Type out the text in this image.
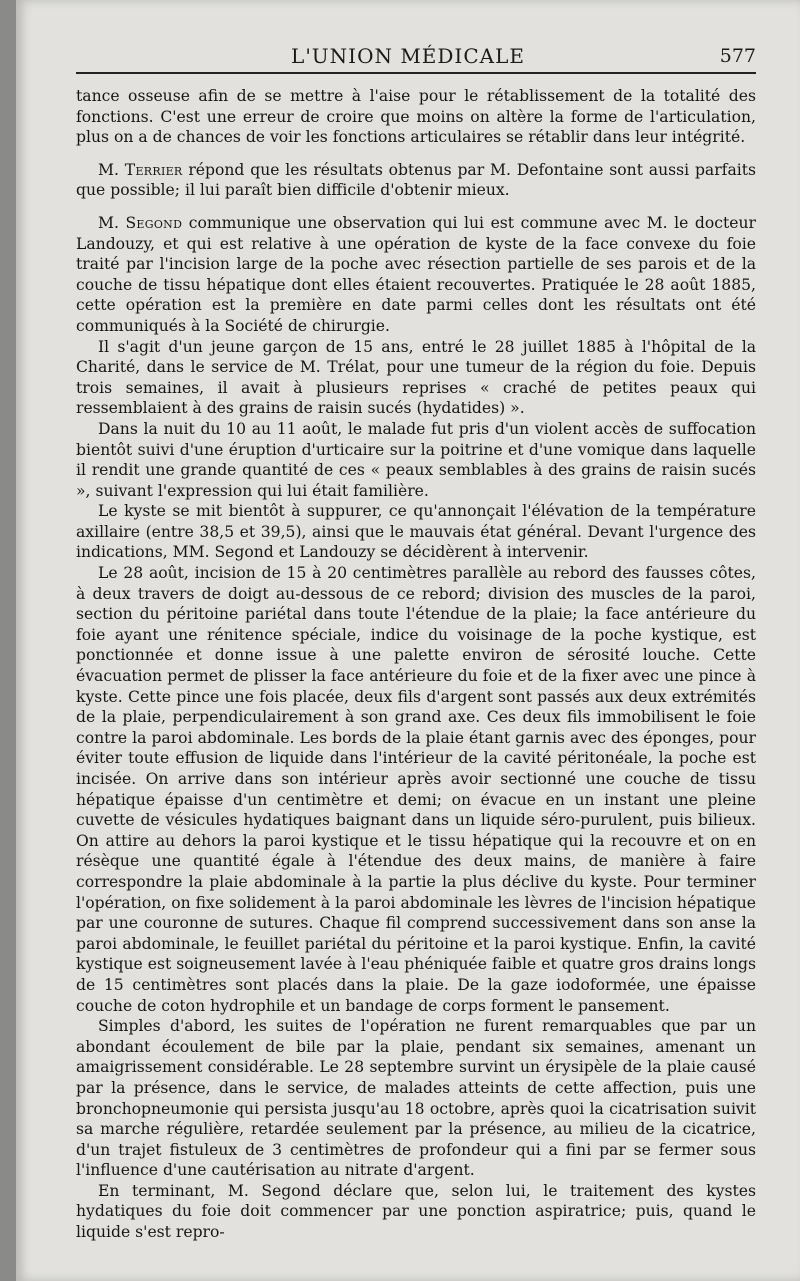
L'UNION MÉDICALE	577

tance osseuse afin de se mettre à l'aise pour le rétablissement de la totalité des fonctions. C'est une erreur de croire que moins on altère la forme de l'articulation, plus on a de chances de voir les fonctions articulaires se rétablir dans leur intégrité.

M. Terrier répond que les résultats obtenus par M. Defontaine sont aussi parfaits que possible; il lui paraît bien difficile d'obtenir mieux.

M. Segond communique une observation qui lui est commune avec M. le docteur Landouzy, et qui est relative à une opération de kyste de la face convexe du foie traité par l'incision large de la poche avec résection partielle de ses parois et de la couche de tissu hépatique dont elles étaient recouvertes. Pratiquée le 28 août 1885, cette opération est la première en date parmi celles dont les résultats ont été communiqués à la Société de chirurgie.

Il s'agit d'un jeune garçon de 15 ans, entré le 28 juillet 1885 à l'hôpital de la Charité, dans le service de M. Trélat, pour une tumeur de la région du foie. Depuis trois semaines, il avait à plusieurs reprises « craché de petites peaux qui ressemblaient à des grains de raisin sucés (hydatides) ».

Dans la nuit du 10 au 11 août, le malade fut pris d'un violent accès de suffocation bientôt suivi d'une éruption d'urticaire sur la poitrine et d'une vomique dans laquelle il rendit une grande quantité de ces « peaux semblables à des grains de raisin sucés », suivant l'expression qui lui était familière.

Le kyste se mit bientôt à suppurer, ce qu'annonçait l'élévation de la température axillaire (entre 38,5 et 39,5), ainsi que le mauvais état général. Devant l'urgence des indications, MM. Segond et Landouzy se décidèrent à intervenir.

Le 28 août, incision de 15 à 20 centimètres parallèle au rebord des fausses côtes, à deux travers de doigt au-dessous de ce rebord; division des muscles de la paroi, section du péritoine pariétal dans toute l'étendue de la plaie; la face antérieure du foie ayant une rénitence spéciale, indice du voisinage de la poche kystique, est ponctionnée et donne issue à une palette environ de sérosité louche. Cette évacuation permet de plisser la face antérieure du foie et de la fixer avec une pince à kyste. Cette pince une fois placée, deux fils d'argent sont passés aux deux extrémités de la plaie, perpendiculairement à son grand axe. Ces deux fils immobilisent le foie contre la paroi abdominale. Les bords de la plaie étant garnis avec des éponges, pour éviter toute effusion de liquide dans l'intérieur de la cavité péritonéale, la poche est incisée. On arrive dans son intérieur après avoir sectionné une couche de tissu hépatique épaisse d'un centimètre et demi; on évacue en un instant une pleine cuvette de vésicules hydatiques baignant dans un liquide séro-purulent, puis bilieux. On attire au dehors la paroi kystique et le tissu hépatique qui la recouvre et on en résèque une quantité égale à l'étendue des deux mains, de manière à faire correspondre la plaie abdominale à la partie la plus déclive du kyste. Pour terminer l'opération, on fixe solidement à la paroi abdominale les lèvres de l'incision hépatique par une couronne de sutures. Chaque fil comprend successivement dans son anse la paroi abdominale, le feuillet pariétal du péritoine et la paroi kystique. Enfin, la cavité kystique est soigneusement lavée à l'eau phéniquée faible et quatre gros drains longs de 15 centimètres sont placés dans la plaie. De la gaze iodoformée, une épaisse couche de coton hydrophile et un bandage de corps forment le pansement.

Simples d'abord, les suites de l'opération ne furent remarquables que par un abondant écoulement de bile par la plaie, pendant six semaines, amenant un amaigrissement considérable. Le 28 septembre survint un érysipèle de la plaie causé par la présence, dans le service, de malades atteints de cette affection, puis une bronchopneumonie qui persista jusqu'au 18 octobre, après quoi la cicatrisation suivit sa marche régulière, retardée seulement par la présence, au milieu de la cicatrice, d'un trajet fistuleux de 3 centimètres de profondeur qui a fini par se fermer sous l'influence d'une cautérisation au nitrate d'argent.

En terminant, M. Segond déclare que, selon lui, le traitement des kystes hydatiques du foie doit commencer par une ponction aspiratrice; puis, quand le liquide s'est repro-
